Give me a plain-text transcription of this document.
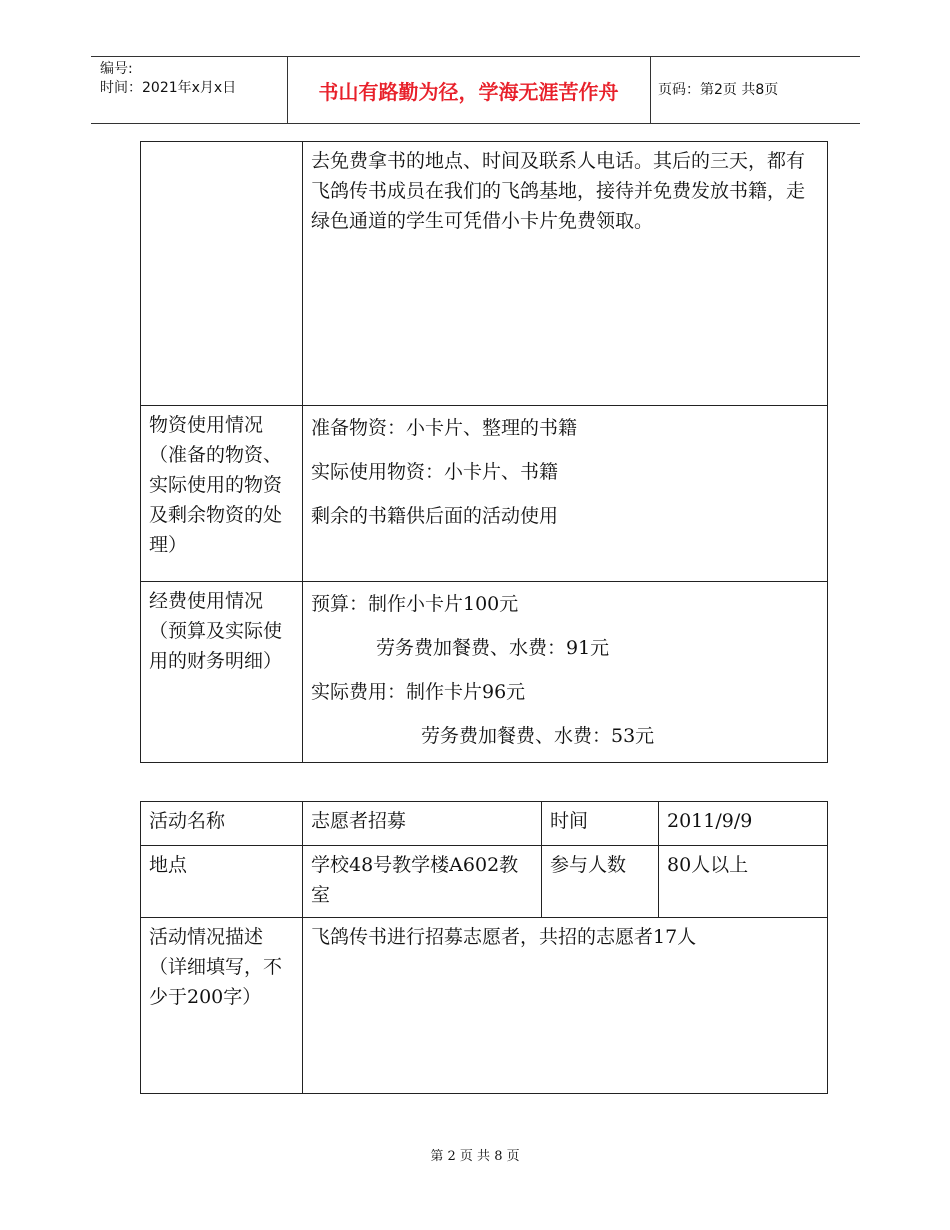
编号:
时间：2021年x月x日	书山有路勤为径，学海无涯苦作舟	页码：第2页 共8页

	去免费拿书的地点、时间及联系人电话。其后的三天，都有飞鸽传书成员在我们的飞鸽基地，接待并免费发放书籍，走绿色通道的学生可凭借小卡片免费领取。

物资使用情况（准备的物资、实际使用的物资及剩余物资的处理）	准备物资：小卡片、整理的书籍

实际使用物资：小卡片、书籍

剩余的书籍供后面的活动使用

经费使用情况（预算及实际使用的财务明细）	预算：制作小卡片100元

劳务费加餐费、水费：91元

实际费用：制作卡片96元

劳务费加餐费、水费：53元

活动名称	志愿者招募	时间	2011/9/9
地点	学校48号教学楼A602教室	参与人数	80人以上
活动情况描述（详细填写，不少于200字）	飞鸽传书进行招募志愿者，共招的志愿者17人		
第 2 页 共 8 页
